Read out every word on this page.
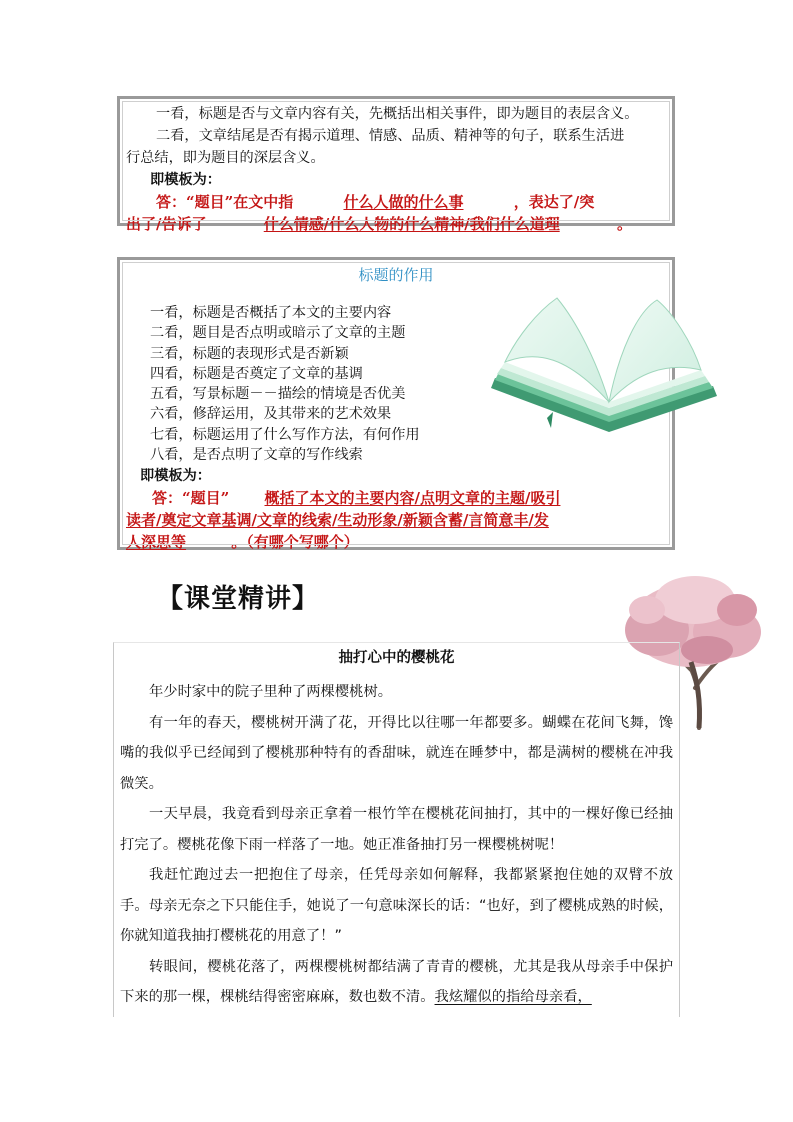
一看，标题是否与文章内容有关，先概括出相关事件，即为题目的表层含义。
二看，文章结尾是否有揭示道理、情感、品质、精神等的句子，联系生活进
行总结，即为题目的深层含义。
即模板为：
答：“题目”在文中指	什么人做的什么事	，表达了/突
出了/告诉了	什么情感/什么人物的什么精神/我们什么道理	。
标题的作用
一看，标题是否概括了本文的主要内容
二看，题目是否点明或暗示了文章的主题
三看，标题的表现形式是否新颖
四看，标题是否奠定了文章的基调
五看，写景标题－－描绘的情境是否优美
六看，修辞运用，及其带来的艺术效果
七看，标题运用了什么写作方法，有何作用
八看，是否点明了文章的写作线索
即模板为：
答：“题目” 概括了本文的主要内容/点明文章的主题/吸引
读者/奠定文章基调/文章的线索/生动形象/新颖含蓄/言简意丰/发
人深思等	。（有哪个写哪个）
【课堂精讲】
抽打心中的樱桃花

年少时家中的院子里种了两棵樱桃树。

有一年的春天，樱桃树开满了花，开得比以往哪一年都要多。蝴蝶在花间飞舞，馋嘴的我似乎已经闻到了樱桃那种特有的香甜味，就连在睡梦中，都是满树的樱桃在冲我微笑。

一天早晨，我竟看到母亲正拿着一根竹竿在樱桃花间抽打，其中的一棵好像已经抽打完了。樱桃花像下雨一样落了一地。她正准备抽打另一棵樱桃树呢！

我赶忙跑过去一把抱住了母亲，任凭母亲如何解释，我都紧紧抱住她的双臂不放手。母亲无奈之下只能住手，她说了一句意味深长的话：“也好，到了樱桃成熟的时候，你就知道我抽打樱桃花的用意了！”

转眼间，樱桃花落了，两棵樱桃树都结满了青青的樱桃，尤其是我从母亲手中保护下来的那一棵，棵桃结得密密麻麻，数也数不清。我炫耀似的指给母亲看，
